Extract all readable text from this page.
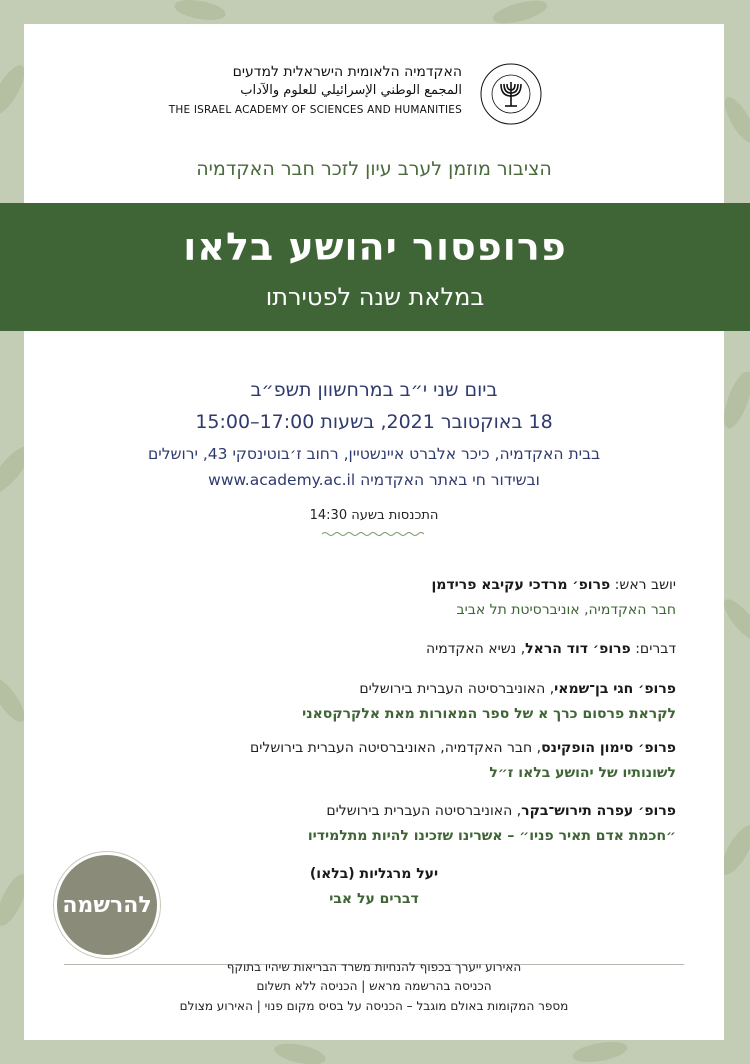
האקדמיה הלאומית הישראלית למדעים
المجمع الوطني الإسرائيلي للعلوم والآداب
THE ISRAEL ACADEMY OF SCIENCES AND HUMANITIES
הציבור מוזמן לערב עיון לזכר חבר האקדמיה
ביום שני י״ב במרחשוון תשפ״ב
18 באוקטובר 2021, בשעות 17:00–15:00
בבית האקדמיה, כיכר אלברט איינשטיין, רחוב ז׳בוטינסקי 43, ירושלים
ובשידור חי באתר האקדמיה www.academy.ac.il
התכנסות בשעה 14:30
יושב ראש: פרופ׳ מרדכי עקיבא פרידמן
חבר האקדמיה, אוניברסיטת תל אביב
דברים: פרופ׳ דוד הראל, נשיא האקדמיה
פרופ׳ חגי בן־שמאי, האוניברסיטה העברית בירושלים
לקראת פרסום כרך א של ספר המאורות מאת אלקרקסאני
פרופ׳ סימון הופקינס, חבר האקדמיה, האוניברסיטה העברית בירושלים
לשונותיו של יהושע בלאו ז״ל
פרופ׳ עפרה תירוש־בקר, האוניברסיטה העברית בירושלים
״חכמת אדם תאיר פניו״ – אשרינו שזכינו להיות מתלמידיו
יעל מרגליות (בלאו)
דברים על אבי
האירוע ייערך בכפוף להנחיות משרד הבריאות שיהיו בתוקף
הכניסה בהרשמה מראש | הכניסה ללא תשלום
מספר המקומות באולם מוגבל – הכניסה על בסיס מקום פנוי | האירוע מצולם
פרופסור יהושע בלאו
במלאת שנה לפטירתו
להרשמה
